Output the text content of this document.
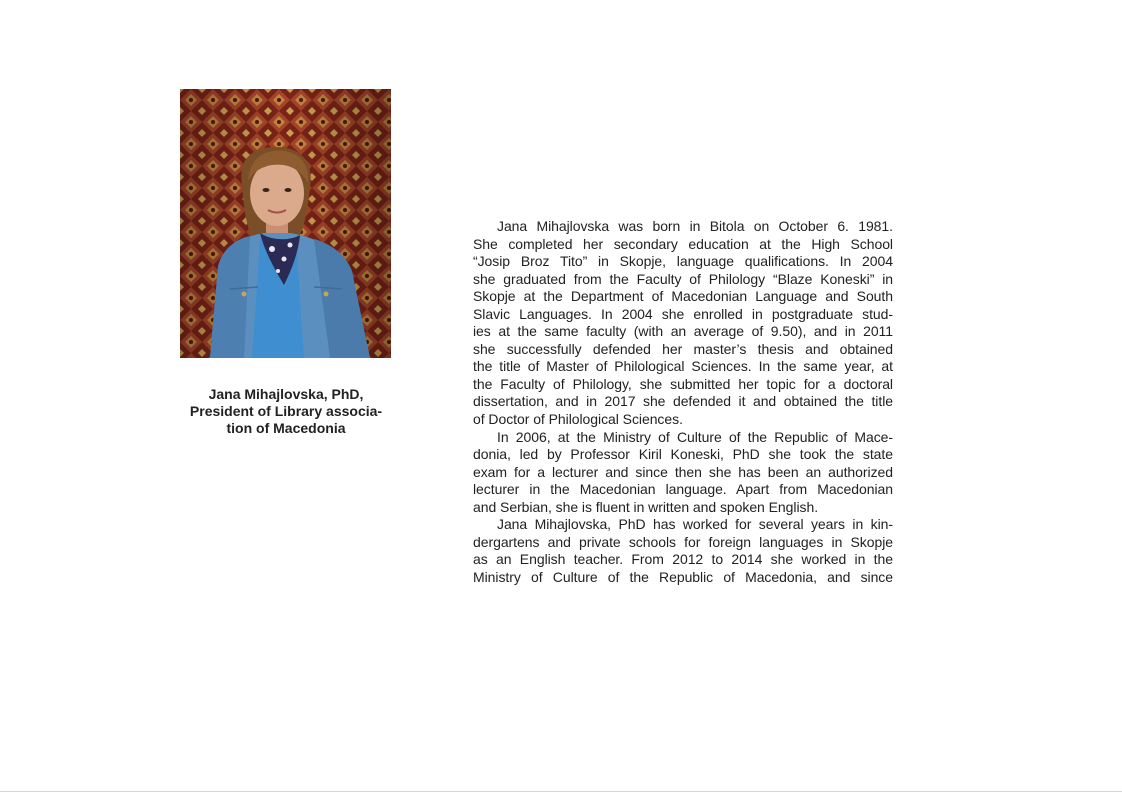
Jana Mihajlovska, PhD,
President of Library associa-
tion of Macedonia
Jana Mihajlovska was born in Bitola on October 6. 1981.
She completed her secondary education at the High School
“Josip Broz Tito” in Skopje, language qualifications. In 2004
she graduated from the Faculty of Philology “Blaze Koneski” in
Skopje at the Department of Macedonian Language and South
Slavic Languages. In 2004 she enrolled in postgraduate stud-
ies at the same faculty (with an average of 9.50), and in 2011
she successfully defended her master’s thesis and obtained
the title of Master of Philological Sciences. In the same year, at
the Faculty of Philology, she submitted her topic for a doctoral
dissertation, and in 2017 she defended it and obtained the title
of Doctor of Philological Sciences.
In 2006, at the Ministry of Culture of the Republic of Mace-
donia, led by Professor Kiril Koneski, PhD she took the state
exam for a lecturer and since then she has been an authorized
lecturer in the Macedonian language. Apart from Macedonian
and Serbian, she is fluent in written and spoken English.
Jana Mihajlovska, PhD has worked for several years in kin-
dergartens and private schools for foreign languages in Skopje
as an English teacher. From 2012 to 2014 she worked in the
Ministry of Culture of the Republic of Macedonia, and since
